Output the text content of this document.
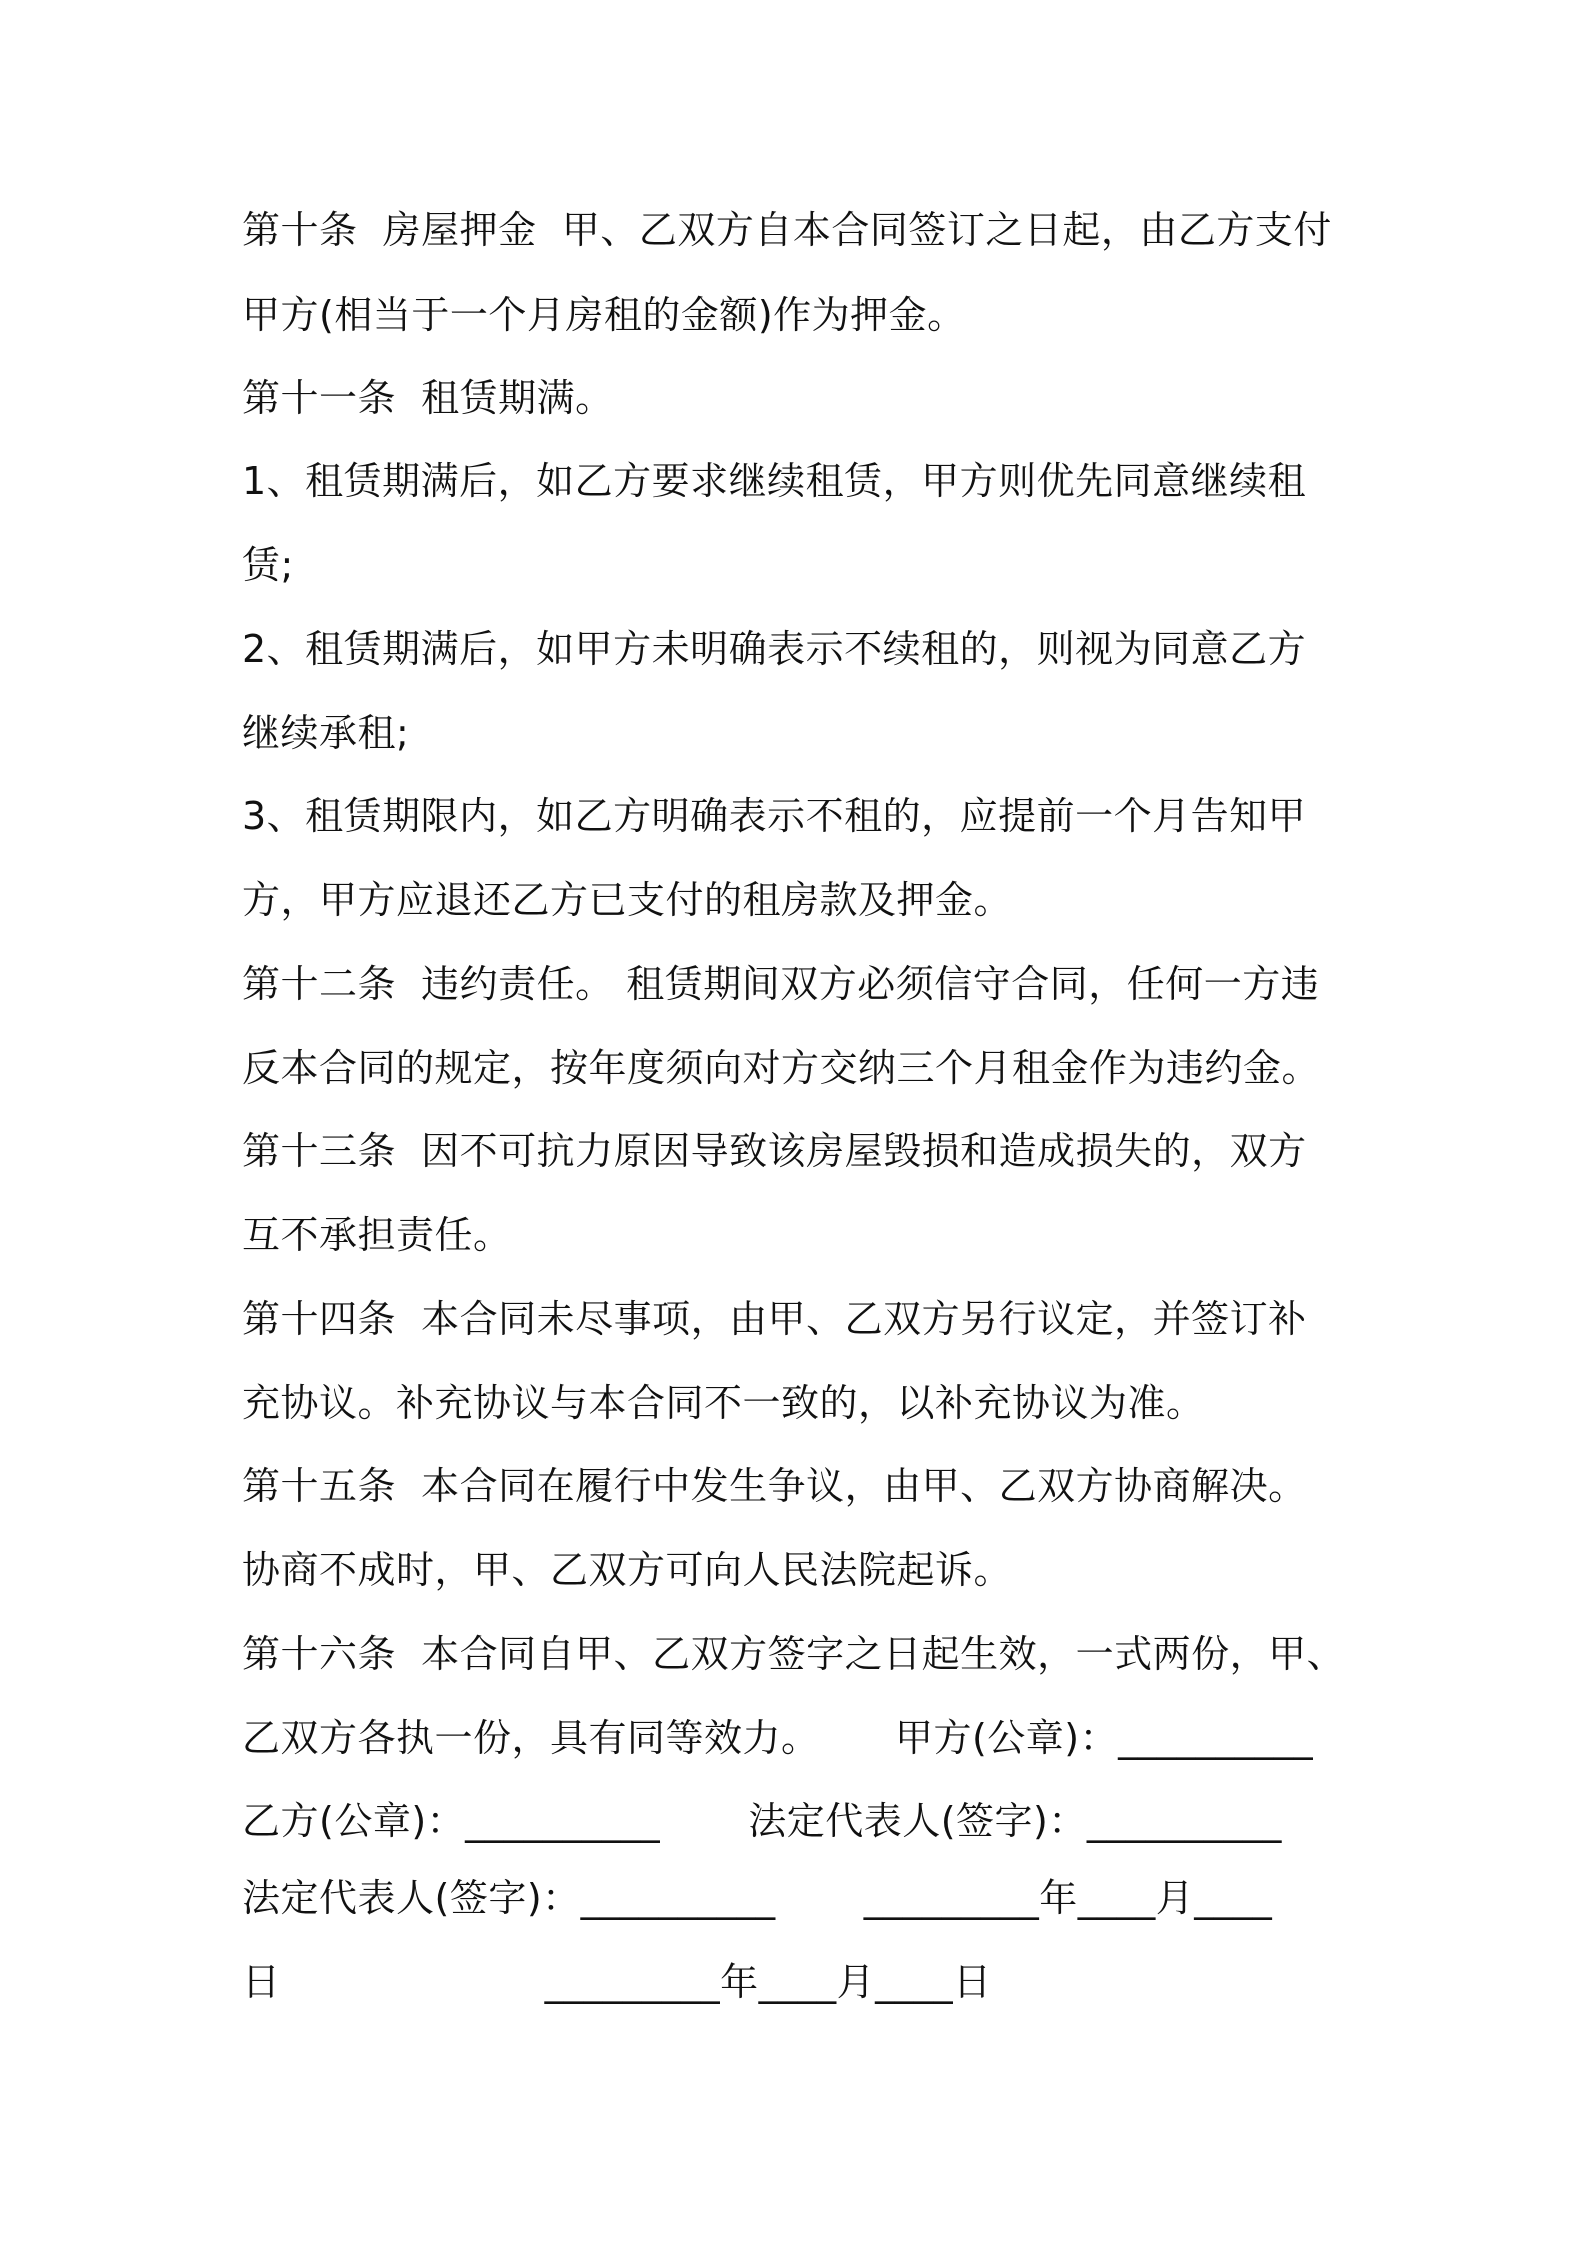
第十条  房屋押金  甲、乙双方自本合同签订之日起，由乙方支付
甲方(相当于一个月房租的金额)作为押金。
第十一条  租赁期满。
1、租赁期满后，如乙方要求继续租赁，甲方则优先同意继续租
赁;
2、租赁期满后，如甲方未明确表示不续租的，则视为同意乙方
继续承租;
3、租赁期限内，如乙方明确表示不租的，应提前一个月告知甲
方，甲方应退还乙方已支付的租房款及押金。
第十二条  违约责任。 租赁期间双方必须信守合同，任何一方违
反本合同的规定，按年度须向对方交纳三个月租金作为违约金。
第十三条  因不可抗力原因导致该房屋毁损和造成损失的，双方
互不承担责任。
第十四条  本合同未尽事项，由甲、乙双方另行议定，并签订补
充协议。补充协议与本合同不一致的，以补充协议为准。
第十五条  本合同在履行中发生争议，由甲、乙双方协商解决。
协商不成时，甲、乙双方可向人民法院起诉。
第十六条  本合同自甲、乙双方签字之日起生效，一式两份，甲、
乙双方各执一份，具有同等效力。      甲方(公章)：__________
乙方(公章)：__________       法定代表人(签字)：__________
法定代表人(签字)：__________       _________年____月____
日                     _________年____月____日
